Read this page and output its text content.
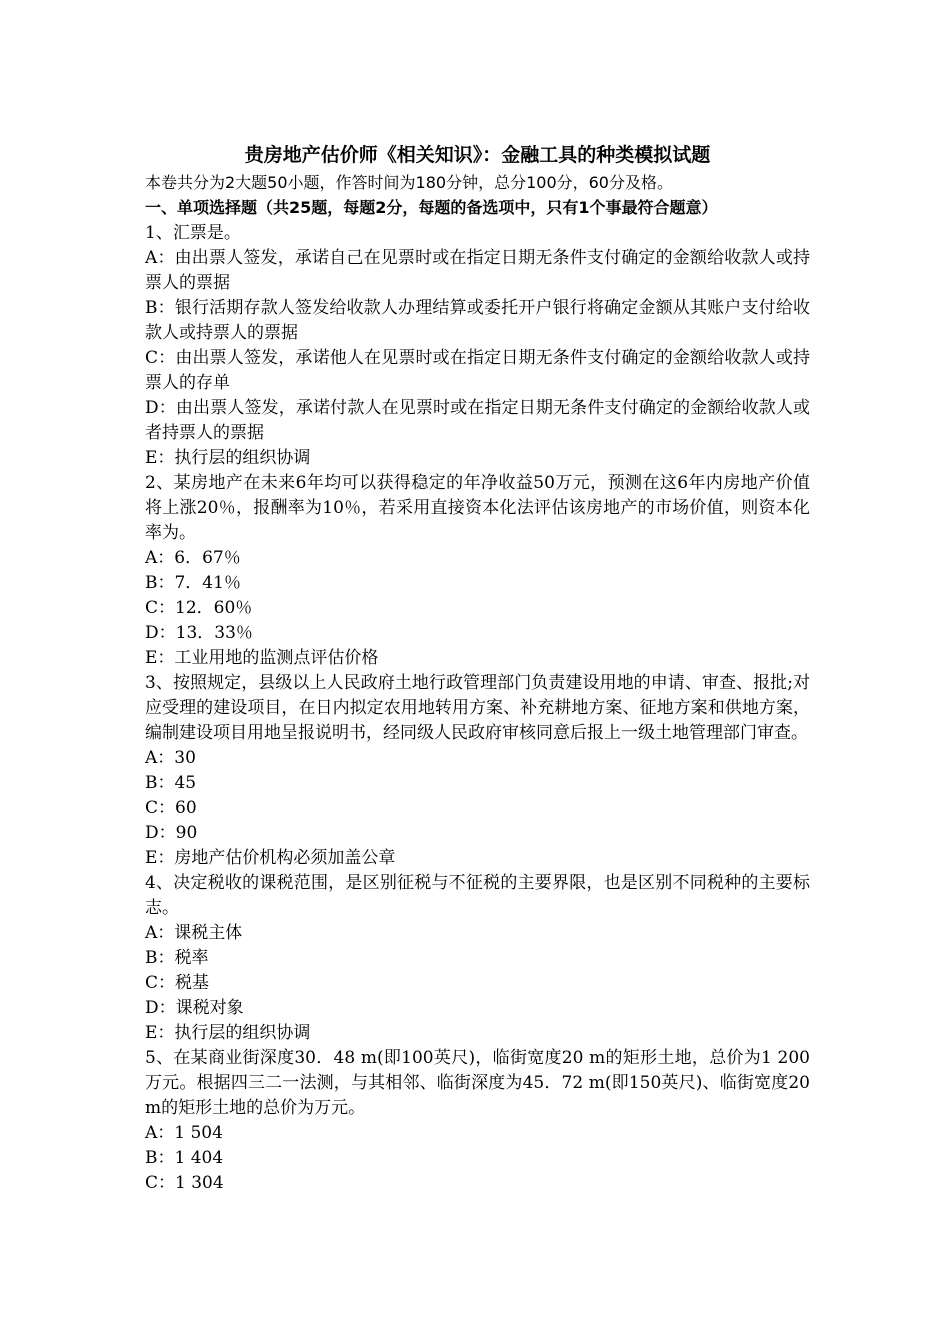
贵房地产估价师《相关知识》：金融工具的种类模拟试题
本卷共分为2大题50小题，作答时间为180分钟，总分100分，60分及格。
一、单项选择题（共25题，每题2分，每题的备选项中，只有1个事最符合题意）
1、汇票是。
A：由出票人签发，承诺自己在见票时或在指定日期无条件支付确定的金额给收款人或持票人的票据
B：银行活期存款人签发给收款人办理结算或委托开户银行将确定金额从其账户支付给收款人或持票人的票据
C：由出票人签发，承诺他人在见票时或在指定日期无条件支付确定的金额给收款人或持票人的存单
D：由出票人签发，承诺付款人在见票时或在指定日期无条件支付确定的金额给收款人或者持票人的票据
E：执行层的组织协调
2、某房地产在未来6年均可以获得稳定的年净收益50万元，预测在这6年内房地产价值将上涨20％，报酬率为10％，若采用直接资本化法评估该房地产的市场价值，则资本化率为。
A：6．67％
B：7．41％
C：12．60％
D：13．33％
E：工业用地的监测点评估价格
3、按照规定，县级以上人民政府土地行政管理部门负责建设用地的申请、审查、报批;对应受理的建设项目，在日内拟定农用地转用方案、补充耕地方案、征地方案和供地方案，编制建设项目用地呈报说明书，经同级人民政府审核同意后报上一级土地管理部门审查。
A：30
B：45
C：60
D：90
E：房地产估价机构必须加盖公章
4、决定税收的课税范围，是区别征税与不征税的主要界限，也是区别不同税种的主要标志。
A：课税主体
B：税率
C：税基
D：课税对象
E：执行层的组织协调
5、在某商业街深度30．48 m(即100英尺)，临街宽度20 m的矩形土地，总价为1 200万元。根据四三二一法测，与其相邻、临街深度为45．72 m(即150英尺)、临街宽度20 m的矩形土地的总价为万元。
A：1 504
B：1 404
C：1 304
